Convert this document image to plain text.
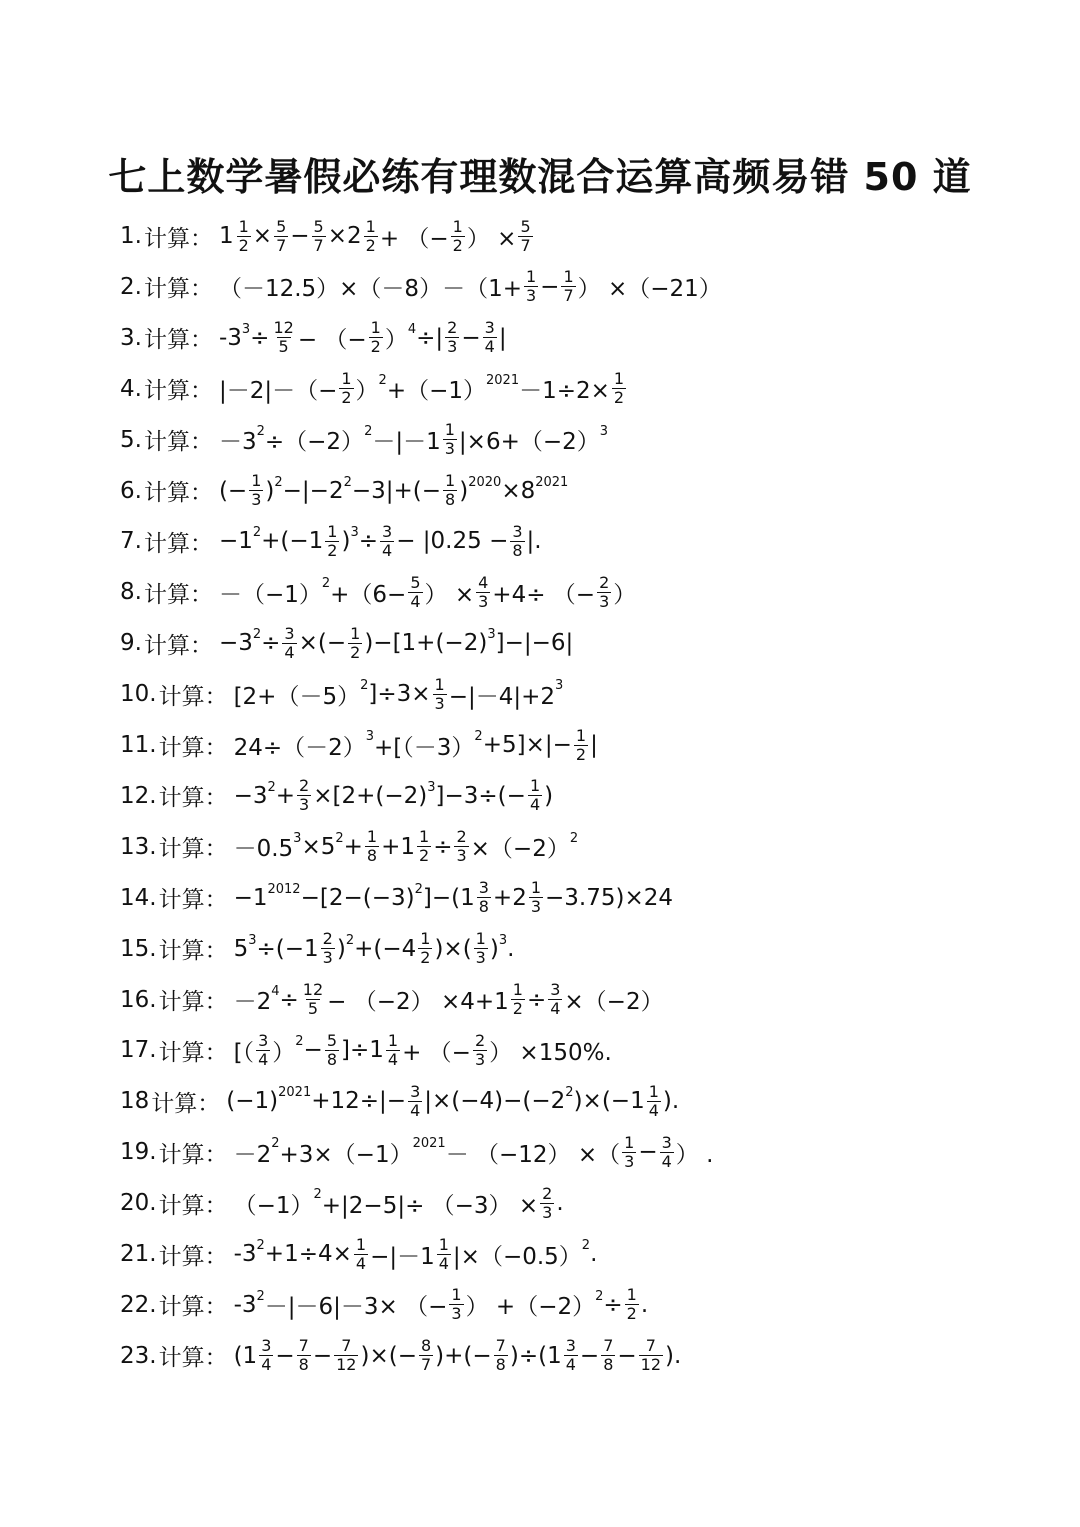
七上数学暑假必练有理数混合运算高频易错 50 道
1. 计算： $1 \frac{1}{2} \times \frac{5}{7} - \frac{5}{7} \times 2 \frac{1}{2}$ + （− $\frac{1}{2}$ ） × $\frac{5}{7}$
2. 计算： $(-12.5)\times(-8)-(1+ \frac{1}{3} - \frac{1}{7}$ ） ×（−21）
3. 计算： $-3^3 \div \frac{12}{5}$ − （− $\frac{1}{2} )^4$ ÷| $\frac{2}{3} - \frac{3}{4}$ |
4. 计算： $|-2|-(- \frac{1}{2} )^2 +(-1)^{2021} -1\div 2\times \frac{1}{2}$
5. 计算： $-3^2 \div(-2)^2 -|-1 \frac{1}{3} |\times 6+(-2)^3$
6. 计算： (− $\frac{1}{3} )^2 -|-2^2 -3|+(- \frac{1}{8} )^{2020} \times 8^{2021}$
7. 计算： $-1^2 +(-1 \frac{1}{2} )^3 \div \frac{3}{4} - |0.25 - \frac{3}{8}$ |.
8. 计算： $-(-1)^2 +(6- \frac{5}{4}$ ） × $\frac{4}{3} +4\div$ （− $\frac{2}{3}$ ）
9. 计算： $-3^2 \div \frac{3}{4}$ ×(− $\frac{1}{2} )-[1+(-2)^3$ ]−|−6|
10. 计算： [$2+(-5)^2$ ]$\div 3\times \frac{1}{3} -|-4|+2^3$
11. 计算： $24\div(-2)^3 +[(-3)^2 +5]\times|- \frac{1}{2}$ |
12. 计算： $-3^2 + \frac{2}{3} \times[2+(-2)^3$ ]$-3\div(- \frac{1}{4}$ )
13. 计算： $-0.5^3 \times 5^2 + \frac{1}{8} +1 \frac{1}{2} \div \frac{2}{3} \times(-2)^2$
14. 计算： $-1^{2012} -[2-(-3)^2$ ]$-(1 \frac{3}{8} +2 \frac{1}{3} -3.75)\times 24$
15. 计算： $5^3 \div(-1 \frac{2}{3} )^2 +(-4 \frac{1}{2}$ )×( $\frac{1}{3} )^3$ .
16. 计算： $-2^4 \div \frac{12}{5} - (-2) \times 4+1 \frac{1}{2} \div \frac{3}{4} \times(-2)$
17. 计算： [（ $\frac{3}{4} )^2 - \frac{5}{8} ]\div 1 \frac{1}{4}$ + （− $\frac{2}{3}$ ） ×150%.
18 计算： $(-1)^{2021} +12\div|- \frac{3}{4} |\times(-4)-(-2^2$ )$\times(-1 \frac{1}{4}$ ).
19. 计算： $-2^2 +3\times(-1)^{2021} - (-12)$ ×（ $\frac{1}{3} - \frac{3}{4}$ ） .
20. 计算： $(-1)^2 +|2-5|\div (-3) \times \frac{2}{3}$ .
21. 计算： $-3^2 +1\div 4\times \frac{1}{4} -|-1 \frac{1}{4} |\times(-0.5)^2$ .
22. 计算： $-3^2 -|-6|-3\times$ （− $\frac{1}{3}$ ） $+(-2)^2 \div \frac{1}{2}$ .
23. 计算： ($1 \frac{3}{4} - \frac{7}{8} - \frac{7}{12}$ )×(− $\frac{8}{7}$ )+(− $\frac{7}{8} )\div(1 \frac{3}{4} - \frac{7}{8} - \frac{7}{12}$ ).
